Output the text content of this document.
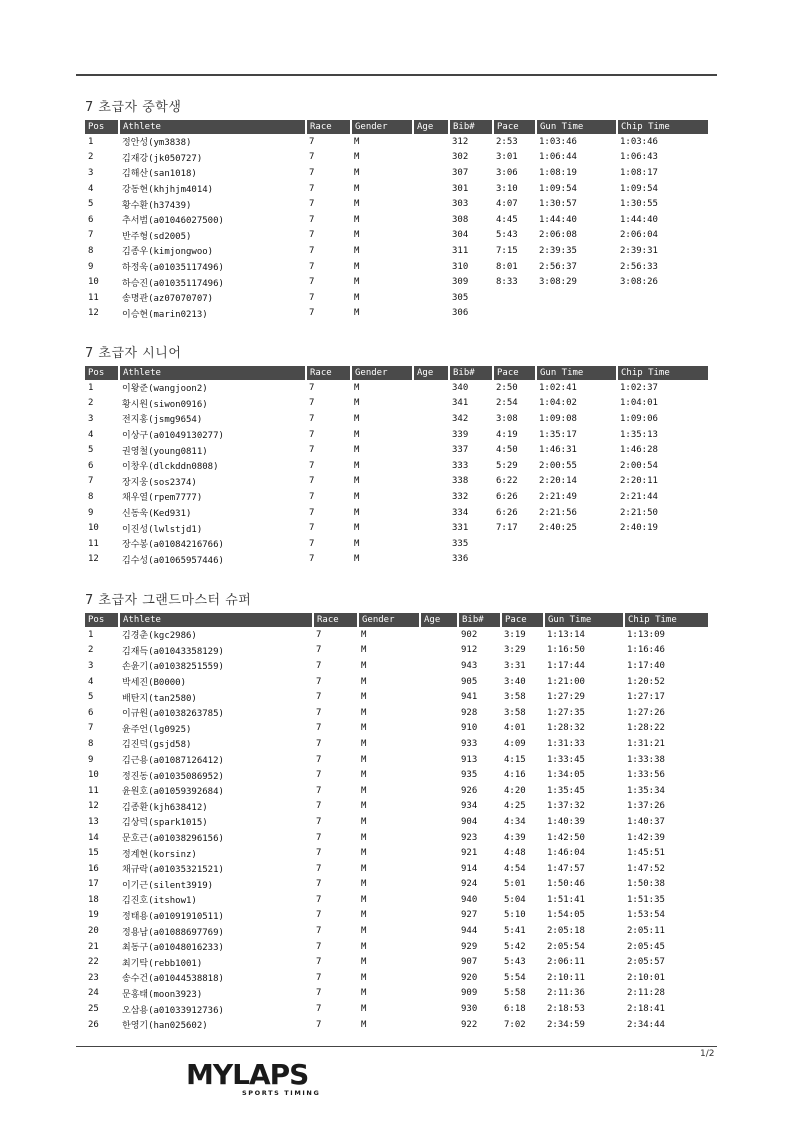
7 초급자 중학생
Pos	Athlete	Race	Gender	Age	Bib#	Pace	Gun Time	Chip Time
1	정안성(ym3838)	7	M		312	2:53	1:03:46	1:03:46
2	김재강(jk050727)	7	M		302	3:01	1:06:44	1:06:43
3	김해산(san1018)	7	M		307	3:06	1:08:19	1:08:17
4	강동현(khjhjm4014)	7	M		301	3:10	1:09:54	1:09:54
5	황수환(h37439)	7	M		303	4:07	1:30:57	1:30:55
6	추서범(a01046027500)	7	M		308	4:45	1:44:40	1:44:40
7	반주형(sd2005)	7	M		304	5:43	2:06:08	2:06:04
8	김종우(kimjongwoo)	7	M		311	7:15	2:39:35	2:39:31
9	하정욱(a01035117496)	7	M		310	8:01	2:56:37	2:56:33
10	하승진(a01035117496)	7	M		309	8:33	3:08:29	3:08:26
11	송명관(az07070707)	7	M		305			
12	이승현(marin0213)	7	M		306			
7 초급자 시니어
Pos	Athlete	Race	Gender	Age	Bib#	Pace	Gun Time	Chip Time
1	이왕준(wangjoon2)	7	M		340	2:50	1:02:41	1:02:37
2	황시원(siwon0916)	7	M		341	2:54	1:04:02	1:04:01
3	전지홍(jsmg9654)	7	M		342	3:08	1:09:08	1:09:06
4	이상구(a01049130277)	7	M		339	4:19	1:35:17	1:35:13
5	권영철(young0811)	7	M		337	4:50	1:46:31	1:46:28
6	이창우(dlckddn0808)	7	M		333	5:29	2:00:55	2:00:54
7	장지웅(sos2374)	7	M		338	6:22	2:20:14	2:20:11
8	채우열(rpem7777)	7	M		332	6:26	2:21:49	2:21:44
9	신동욱(Ked931)	7	M		334	6:26	2:21:56	2:21:50
10	이진성(lwlstjd1)	7	M		331	7:17	2:40:25	2:40:19
11	장수봉(a01084216766)	7	M		335			
12	김수성(a01065957446)	7	M		336			
7 초급자 그랜드마스터 슈퍼
Pos	Athlete	Race	Gender	Age	Bib#	Pace	Gun Time	Chip Time
1	김경춘(kgc2986)	7	M		902	3:19	1:13:14	1:13:09
2	김재득(a01043358129)	7	M		912	3:29	1:16:50	1:16:46
3	손윤기(a01038251559)	7	M		943	3:31	1:17:44	1:17:40
4	박세진(B0000)	7	M		905	3:40	1:21:00	1:20:52
5	배탄지(tan2580)	7	M		941	3:58	1:27:29	1:27:17
6	이규원(a01038263785)	7	M		928	3:58	1:27:35	1:27:26
7	윤주언(lg0925)	7	M		910	4:01	1:28:32	1:28:22
8	김진덕(gsjd58)	7	M		933	4:09	1:31:33	1:31:21
9	김근용(a01087126412)	7	M		913	4:15	1:33:45	1:33:38
10	정진동(a01035086952)	7	M		935	4:16	1:34:05	1:33:56
11	윤원호(a01059392684)	7	M		926	4:20	1:35:45	1:35:34
12	김종환(kjh638412)	7	M		934	4:25	1:37:32	1:37:26
13	김상덕(spark1015)	7	M		904	4:34	1:40:39	1:40:37
14	문호근(a01038296156)	7	M		923	4:39	1:42:50	1:42:39
15	정계현(korsinz)	7	M		921	4:48	1:46:04	1:45:51
16	채규락(a01035321521)	7	M		914	4:54	1:47:57	1:47:52
17	이기근(silent3919)	7	M		924	5:01	1:50:46	1:50:38
18	김진호(itshow1)	7	M		940	5:04	1:51:41	1:51:35
19	정태용(a01091910511)	7	M		927	5:10	1:54:05	1:53:54
20	정용남(a01088697769)	7	M		944	5:41	2:05:18	2:05:11
21	최동구(a01048016233)	7	M		929	5:42	2:05:54	2:05:45
22	최기탁(rebb1001)	7	M		907	5:43	2:06:11	2:05:57
23	송수건(a01044538818)	7	M		920	5:54	2:10:11	2:10:01
24	문홍태(moon3923)	7	M		909	5:58	2:11:36	2:11:28
25	오삼용(a01033912736)	7	M		930	6:18	2:18:53	2:18:41
26	한영기(han025602)	7	M		922	7:02	2:34:59	2:34:44
1/2
MYLAPS
SPORTS TIMING
